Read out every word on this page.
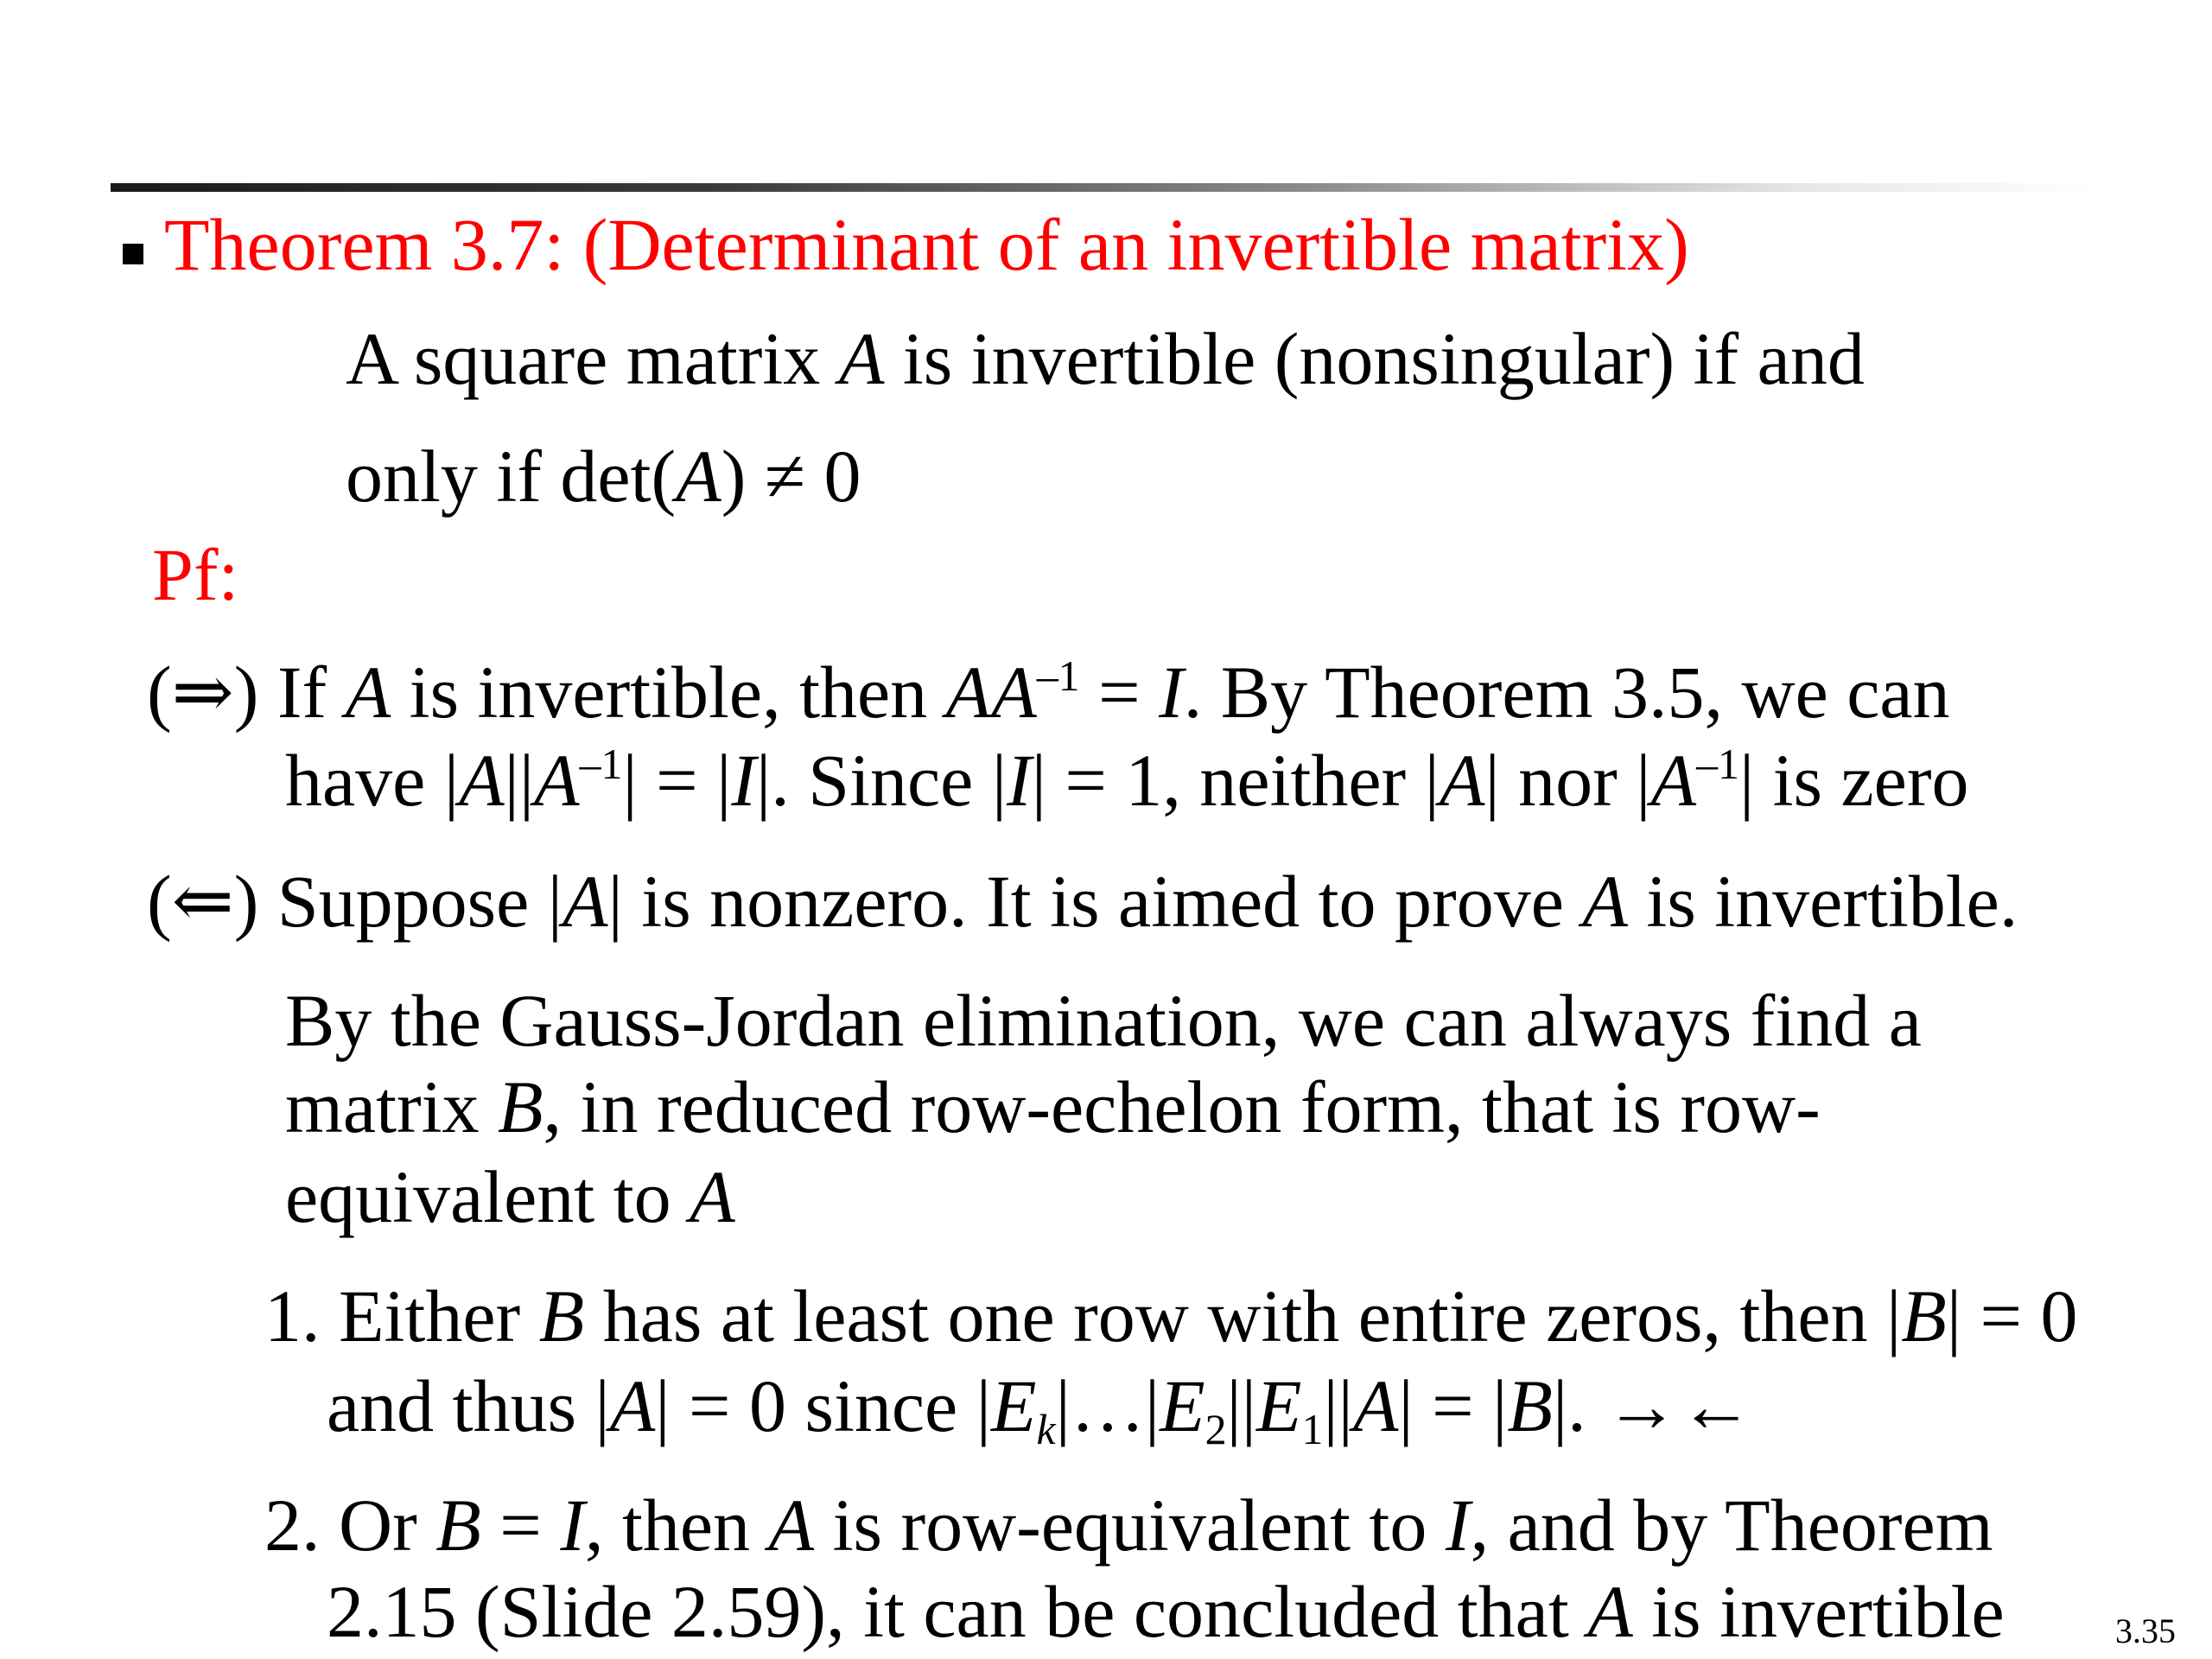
Theorem 3.7: (Determinant of an invertible matrix)
A square matrix A is invertible (nonsingular) if and
only if det(A) ≠ 0
Pf:
(⇒) If A is invertible, then $AA^{-1} = I$. By Theorem 3.5, we can
have $|A||A^{-1}| = |I|$. Since |I| = 1, neither |A| nor $|A^{-1}|$ is zero
(⇐) Suppose |A| is nonzero. It is aimed to prove A is invertible.
By the Gauss-Jordan elimination, we can always find a
matrix B, in reduced row-echelon form, that is row-
equivalent to A
1. Either B has at least one row with entire zeros, then |B| = 0
and thus |A| = 0 since $|E_k|\dots|E_2||E_1||A| = |B|$. →←
2. Or B = I, then A is row-equivalent to I, and by Theorem
2.15 (Slide 2.59), it can be concluded that A is invertible	3.35
